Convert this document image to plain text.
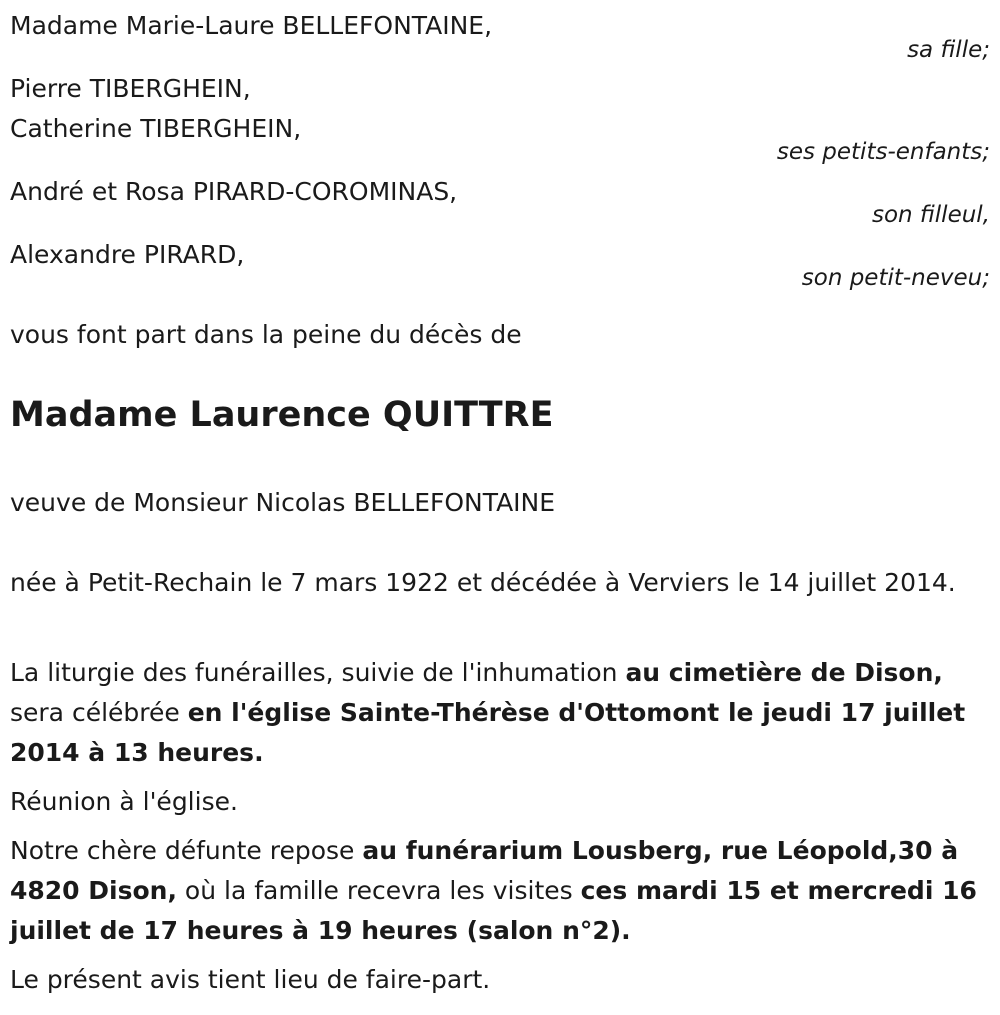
Madame Marie-Laure BELLEFONTAINE,

sa fille;

Pierre TIBERGHEIN,

Catherine TIBERGHEIN,

ses petits-enfants;

André et Rosa PIRARD-COROMINAS,

son filleul,

Alexandre PIRARD,

son petit-neveu;

vous font part dans la peine du décès de

Madame Laurence QUITTRE

veuve de Monsieur Nicolas BELLEFONTAINE

née à Petit-Rechain le 7 mars 1922 et décédée à Verviers le 14 juillet 2014.

La liturgie des funérailles, suivie de l'inhumation au cimetière de Dison, sera célébrée en l'église Sainte-Thérèse d'Ottomont le jeudi 17 juillet 2014 à 13 heures.

Réunion à l'église.

Notre chère défunte repose au funérarium Lousberg, rue Léopold,30 à 4820 Dison, où la famille recevra les visites ces mardi 15 et mercredi 16 juillet de 17 heures à 19 heures (salon n°2).

Le présent avis tient lieu de faire-part.
